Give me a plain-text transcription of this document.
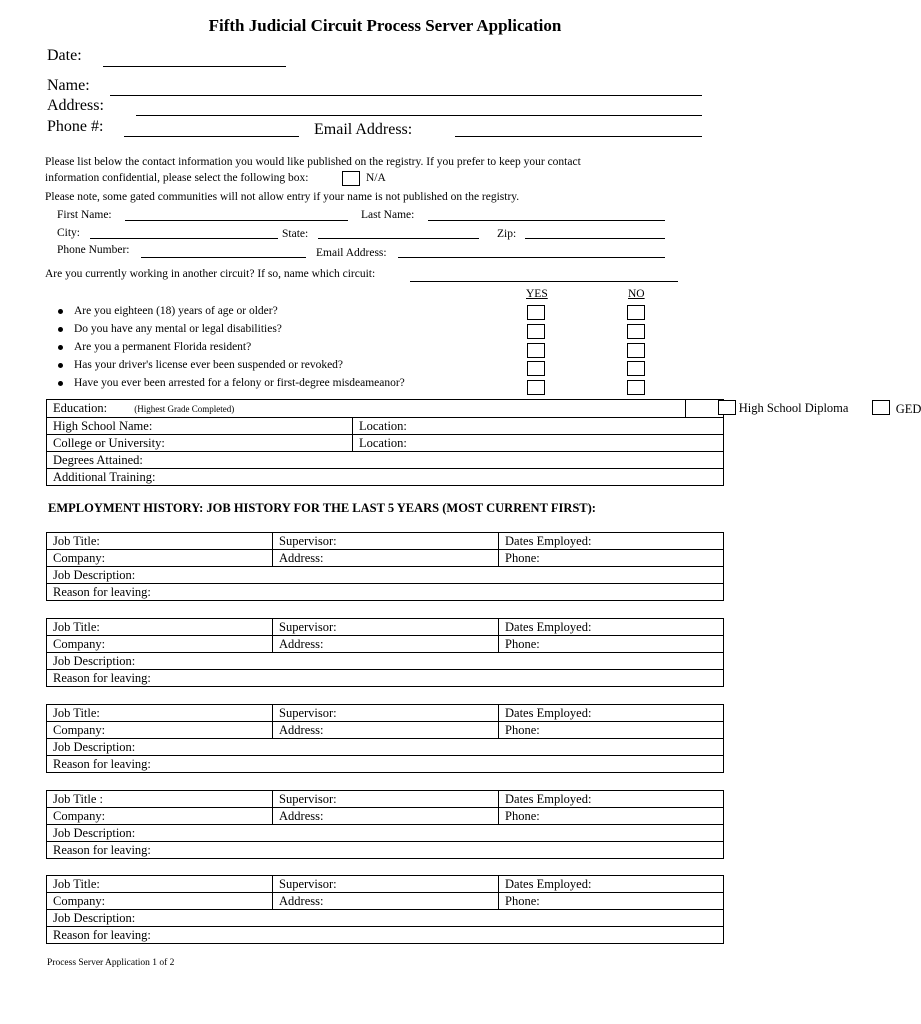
Fifth Judicial Circuit Process Server Application
Date:
Name:
Address:
Phone #:	Email Address:
Please list below the contact information you would like published on the registry. If you prefer to keep your contact
information confidential, please select the following box:	N/A
Please note, some gated communities will not allow entry if your name is not published on the registry.
First Name:	Last Name:
City:	State:	Zip:
Phone Number:	Email Address:
Are you currently working in another circuit? If so, name which circuit:
YES	NO
Are you eighteen (18) years of age or older?
Do you have any mental or legal disabilities?
Are you a permanent Florida resident?
Has your driver's license ever been suspended or revoked?
Have you ever been arrested for a felony or first-degree misdeameanor?
Education: (Highest Grade Completed)		High School Diploma GED

High School Name:	Location:	
College or University:	Location:	
Degrees Attained:		
Additional Training:		
EMPLOYMENT HISTORY: JOB HISTORY FOR THE LAST 5 YEARS (MOST CURRENT FIRST):
Job Title:	Supervisor:	Dates Employed:
Company:	Address:	Phone:
Job Description:		
Reason for leaving:		
Job Title:	Supervisor:	Dates Employed:
Company:	Address:	Phone:
Job Description:		
Reason for leaving:		
Job Title:	Supervisor:	Dates Employed:
Company:	Address:	Phone:
Job Description:		
Reason for leaving:		
Job Title :	Supervisor:	Dates Employed:
Company:	Address:	Phone:
Job Description:		
Reason for leaving:		
Job Title:	Supervisor:	Dates Employed:
Company:	Address:	Phone:
Job Description:		
Reason for leaving:		
Process Server Application 1 of 2
